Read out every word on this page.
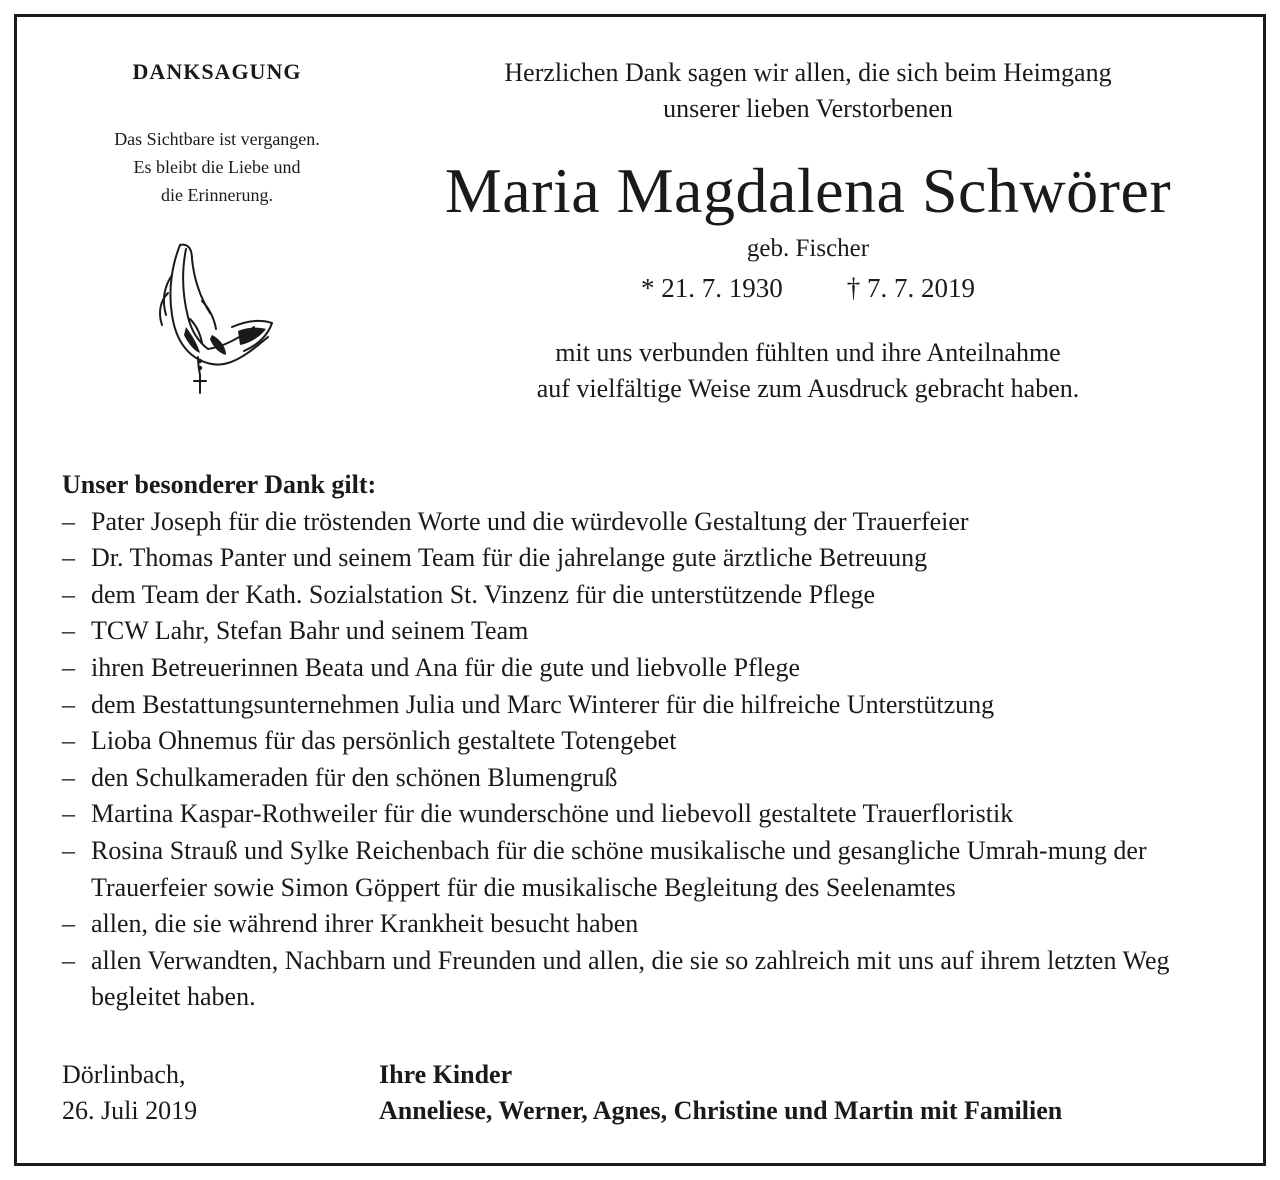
DANKSAGUNG
Das Sichtbare ist vergangen.
Es bleibt die Liebe und
die Erinnerung.
Herzlichen Dank sagen wir allen, die sich beim Heimgang
unserer lieben Verstorbenen
Maria Magdalena Schwörer
geb. Fischer
* 21. 7. 1930 † 7. 7. 2019
mit uns verbunden fühlten und ihre Anteilnahme
auf vielfältige Weise zum Ausdruck gebracht haben.
Unser besonderer Dank gilt:
– Pater Joseph für die tröstenden Worte und die würdevolle Gestaltung der Trauerfeier
– Dr. Thomas Panter und seinem Team für die jahrelange gute ärztliche Betreuung
– dem Team der Kath. Sozialstation St. Vinzenz für die unterstützende Pflege
– TCW Lahr, Stefan Bahr und seinem Team
– ihren Betreuerinnen Beata und Ana für die gute und liebvolle Pflege
– dem Bestattungsunternehmen Julia und Marc Winterer für die hilfreiche Unterstützung
– Lioba Ohnemus für das persönlich gestaltete Totengebet
– den Schulkameraden für den schönen Blumengruß
– Martina Kaspar-Rothweiler für die wunderschöne und liebevoll gestaltete Trauerfloristik
– Rosina Strauß und Sylke Reichenbach für die schöne musikalische und gesangliche Umrah-mung der Trauerfeier sowie Simon Göppert für die musikalische Begleitung des Seelenamtes
– allen, die sie während ihrer Krankheit besucht haben
– allen Verwandten, Nachbarn und Freunden und allen, die sie so zahlreich mit uns auf ihrem letzten Weg begleitet haben.
Dörlinbach,
26. Juli 2019
Ihre Kinder
Anneliese, Werner, Agnes, Christine und Martin mit Familien
